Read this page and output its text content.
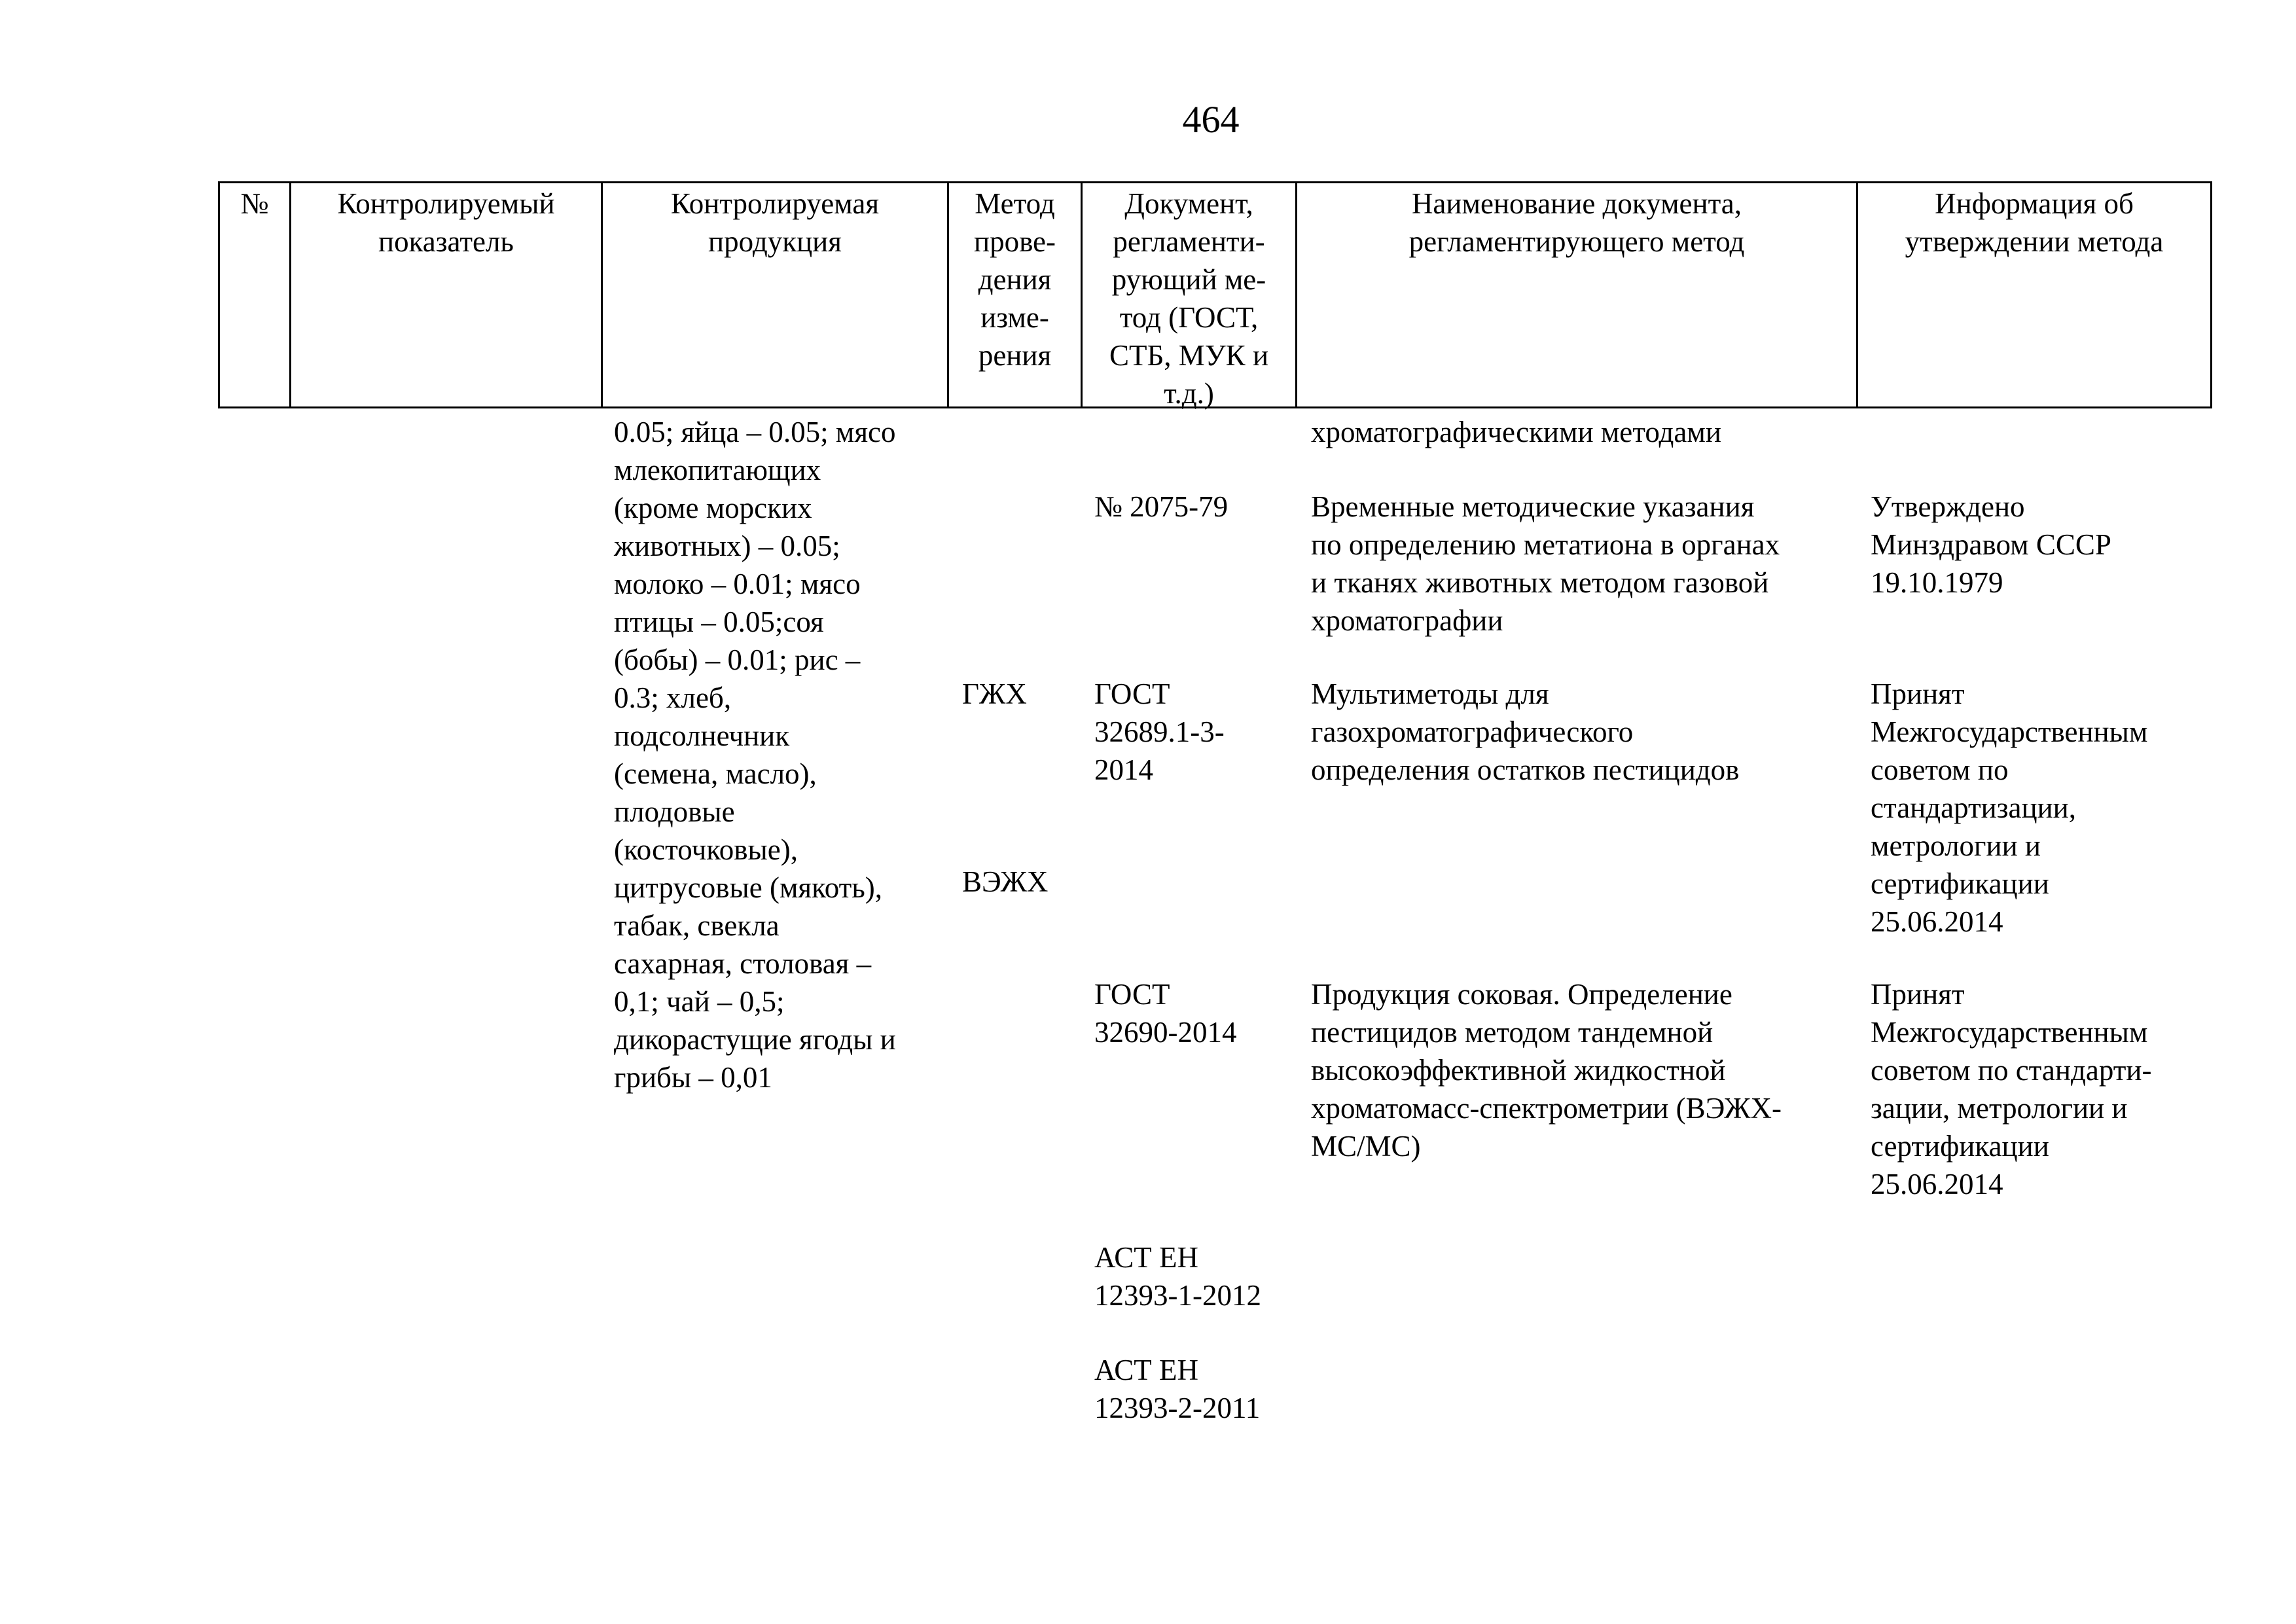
464
№	Контролируемый
показатель
Контролируемая
продукция
Метод
прове-
дения
изме-
рения
Документ,
регламенти-
рующий ме-
тод (ГОСТ,
СТБ, МУК и
т.д.)
Наименование документа,
регламентирующего метод
Информация об
утверждении метода
0.05; яйца – 0.05; мясо
млекопитающих
(кроме морских
животных) – 0.05;
молоко – 0.01; мясо
птицы – 0.05;соя
(бобы) – 0.01; рис –
0.3; хлеб,
подсолнечник
(семена, масло),
плодовые
(косточковые),
цитрусовые (мякоть),
табак, свекла
сахарная, столовая –
0,1; чай – 0,5;
дикорастущие ягоды и
грибы – 0,01
хроматографическими методами
ГЖХ
ВЭЖХ
№ 2075-79	Временные методические указания
по определению метатиона в органах
и тканях животных методом газовой
хроматографии
Утверждено
Минздравом СССР
19.10.1979
ГОСТ
32689.1-3-
2014
Мультиметоды для
газохроматографического
определения остатков пестицидов
Принят
Межгосударственным
советом по
стандартизации,
метрологии и
сертификации
25.06.2014
ГОСТ
32690-2014
Продукция соковая. Определение
пестицидов методом тандемной
высокоэффективной жидкостной
хроматомасс-спектрометрии (ВЭЖХ-
МС/МС)
Принят
Межгосударственным
советом по стандарти-
зации, метрологии и
сертификации
25.06.2014
АСТ ЕН
12393-1-2012
АСТ ЕН
12393-2-2011
